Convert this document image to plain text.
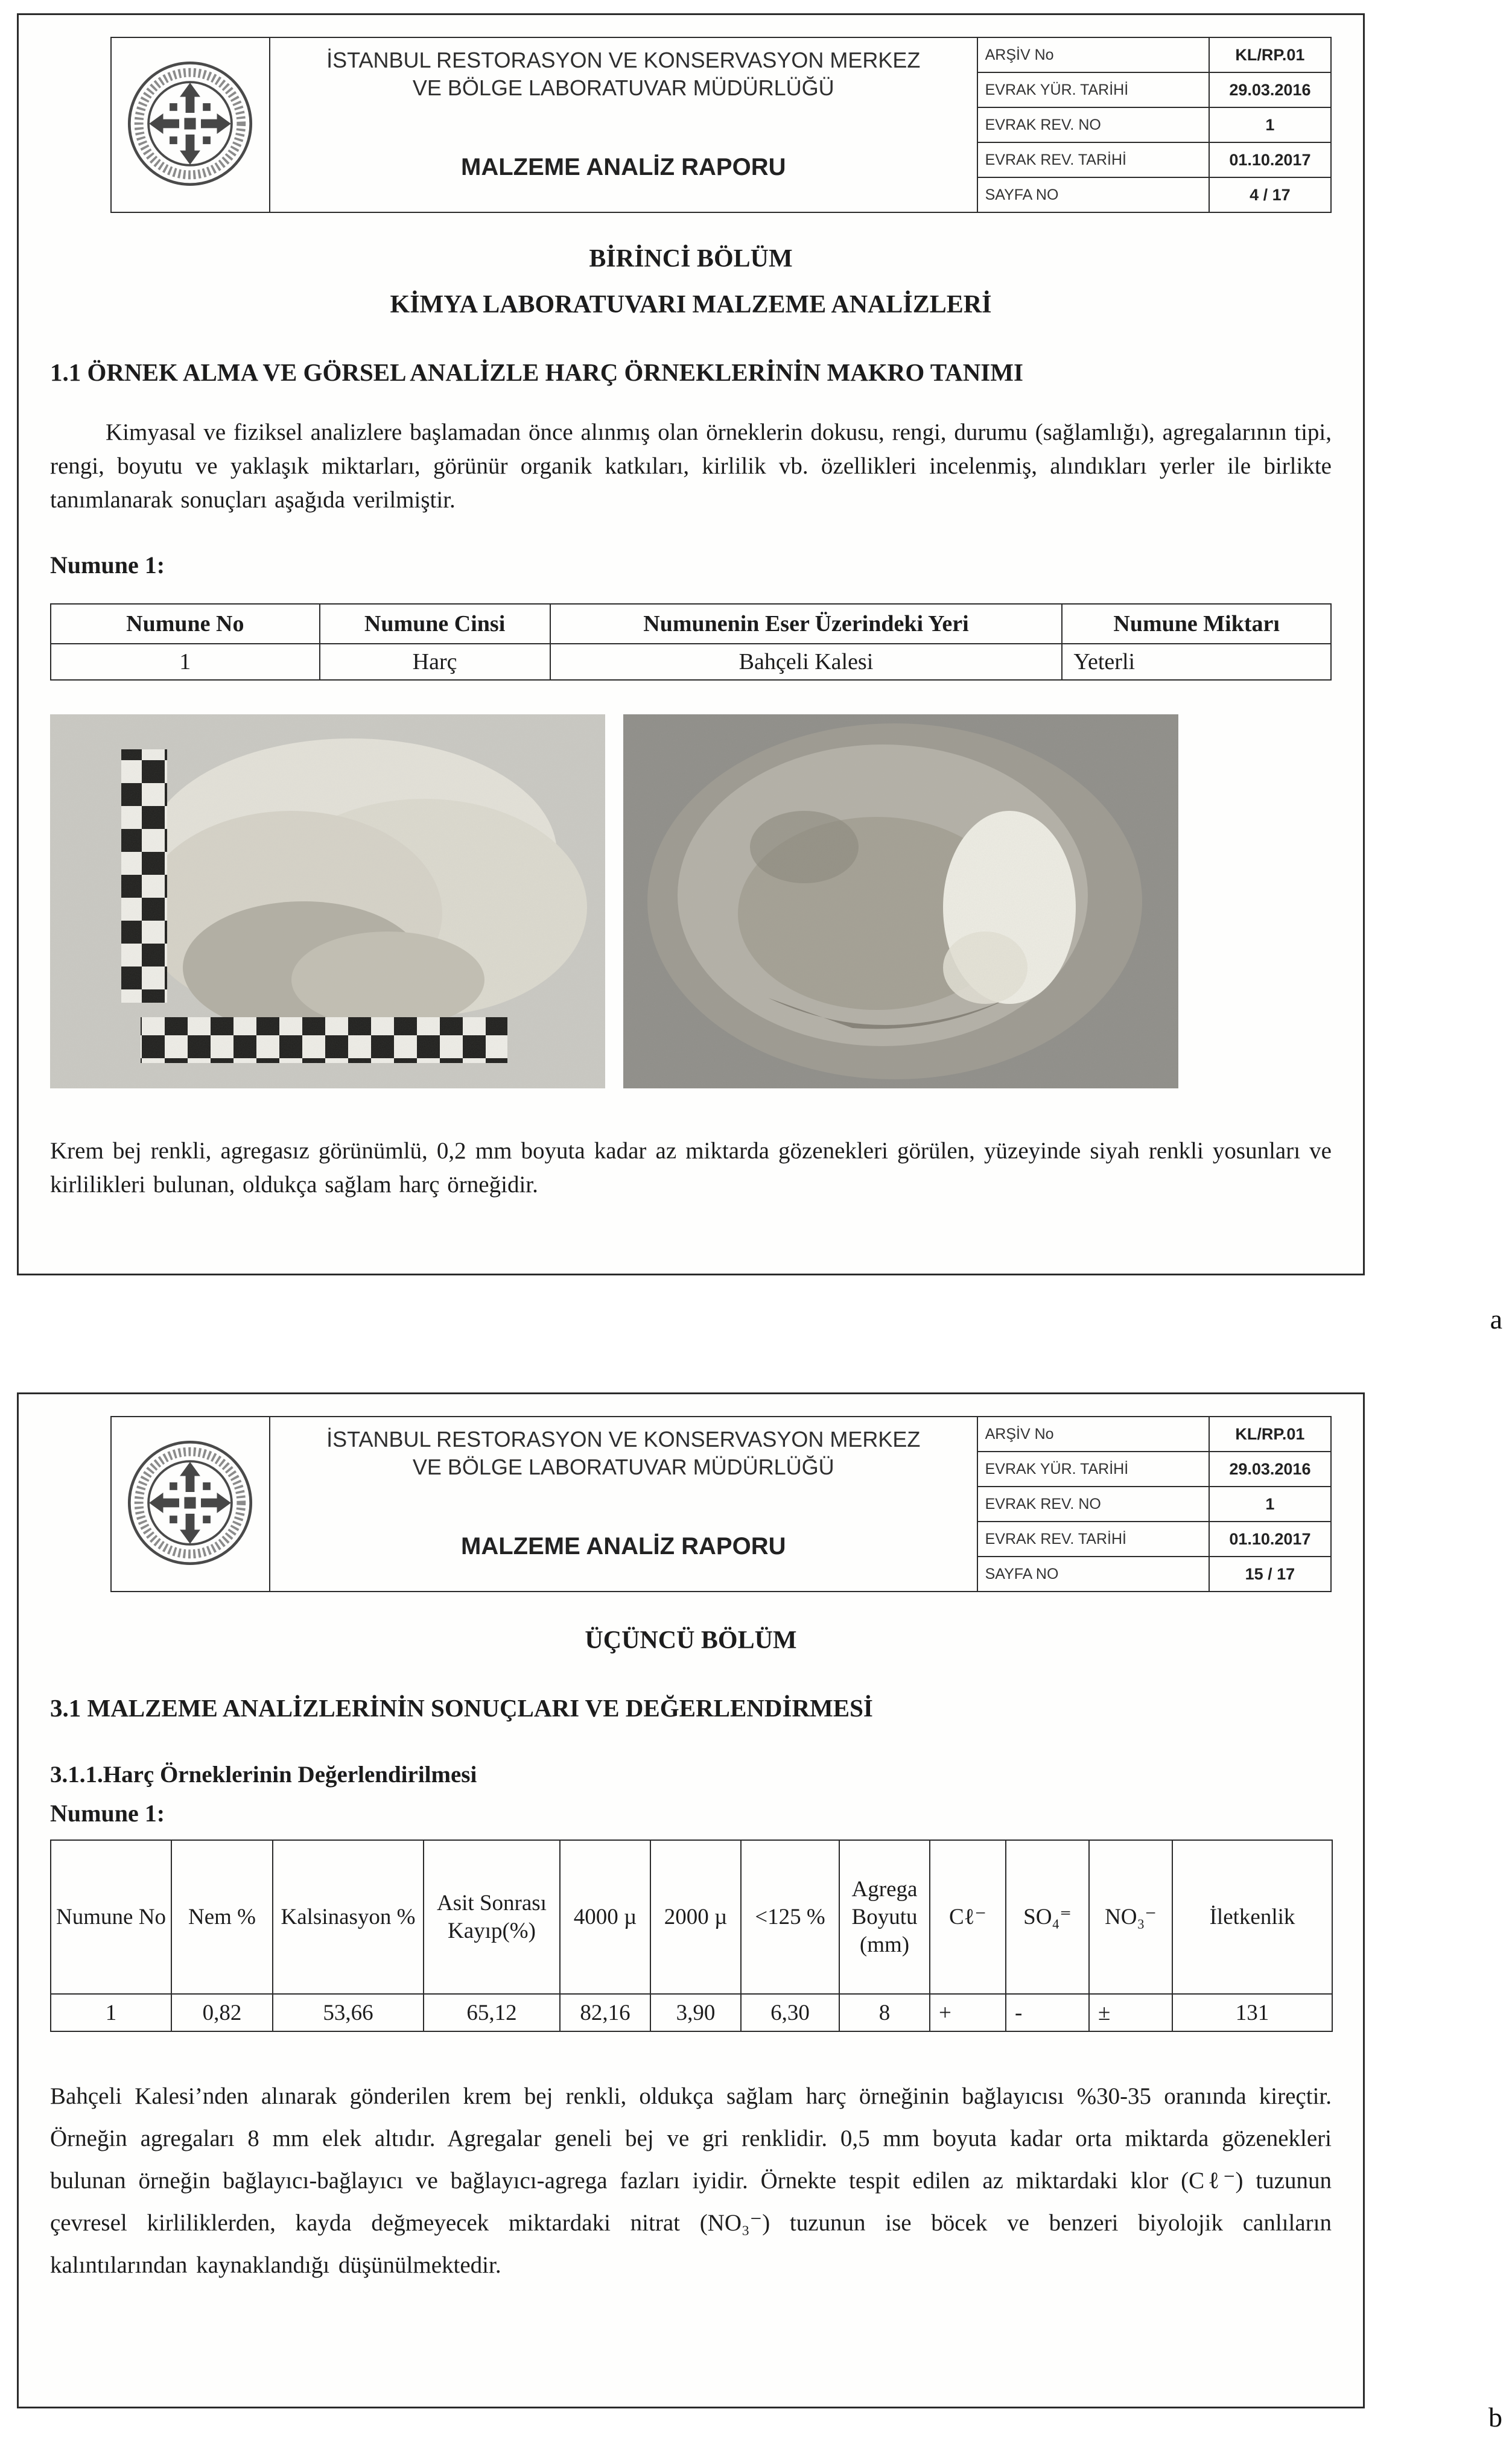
İSTANBUL RESTORASYON VE KONSERVASYON MERKEZ
VE BÖLGE LABORATUVAR MÜDÜRLÜĞÜ
MALZEME ANALİZ RAPORU	ARŞİV No	KL/RP.01
		EVRAK YÜR. TARİHİ	29.03.2016
		EVRAK REV. NO	1
		EVRAK REV. TARİHİ	01.10.2017
		SAYFA NO	4 / 17
BİRİNCİ BÖLÜM
KİMYA LABORATUVARI MALZEME ANALİZLERİ
1.1 ÖRNEK ALMA VE GÖRSEL ANALİZLE HARÇ ÖRNEKLERİNİN MAKRO TANIMI

Kimyasal ve fiziksel analizlere başlamadan önce alınmış olan örneklerin dokusu, rengi, durumu (sağlamlığı), agregalarının tipi, rengi, boyutu ve yaklaşık miktarları, görünür organik katkıları, kirlilik vb. özellikleri incelenmiş, alındıkları yerler ile birlikte tanımlanarak sonuçları aşağıda verilmiştir.

Numune 1:

Numune No	Numune Cinsi	Numunenin Eser Üzerindeki Yeri	Numune Miktarı
1	Harç	Bahçeli Kalesi	Yeterli

Krem bej renkli, agregasız görünümlü, 0,2 mm boyuta kadar az miktarda gözenekleri görülen, yüzeyinde siyah renkli yosunları ve kirlilikleri bulunan, oldukça sağlam harç örneğidir.

a

İSTANBUL RESTORASYON VE KONSERVASYON MERKEZ
VE BÖLGE LABORATUVAR MÜDÜRLÜĞÜ
MALZEME ANALİZ RAPORU	ARŞİV No	KL/RP.01
		EVRAK YÜR. TARİHİ	29.03.2016
		EVRAK REV. NO	1
		EVRAK REV. TARİHİ	01.10.2017
		SAYFA NO	15 / 17
ÜÇÜNCÜ BÖLÜM
3.1 MALZEME ANALİZLERİNİN SONUÇLARI VE DEĞERLENDİRMESİ
3.1.1.Harç Örneklerinin Değerlendirilmesi

Numune 1:

Numune No	Nem %	Kalsinasyon %	Asit Sonrası Kayıp(%)	4000 µ	2000 µ	<125 %	Agrega Boyutu (mm)	Cℓ⁻	SO₄⁼	NO₃⁻	İletkenlik
1	0,82	53,66	65,12	82,16	3,90	6,30	8	+	-	±	131

Bahçeli Kalesi’nden alınarak gönderilen krem bej renkli, oldukça sağlam harç örneğinin bağlayıcısı %30-35 oranında kireçtir. Örneğin agregaları 8 mm elek altıdır. Agregalar geneli bej ve gri renklidir. 0,5 mm boyuta kadar orta miktarda gözenekleri bulunan örneğin bağlayıcı-bağlayıcı ve bağlayıcı-agrega fazları iyidir. Örnekte tespit edilen az miktardaki klor (Cℓ⁻) tuzunun çevresel kirliliklerden, kayda değmeyecek miktardaki nitrat (NO₃⁻) tuzunun ise böcek ve benzeri biyolojik canlıların kalıntılarından kaynaklandığı düşünülmektedir.

b
